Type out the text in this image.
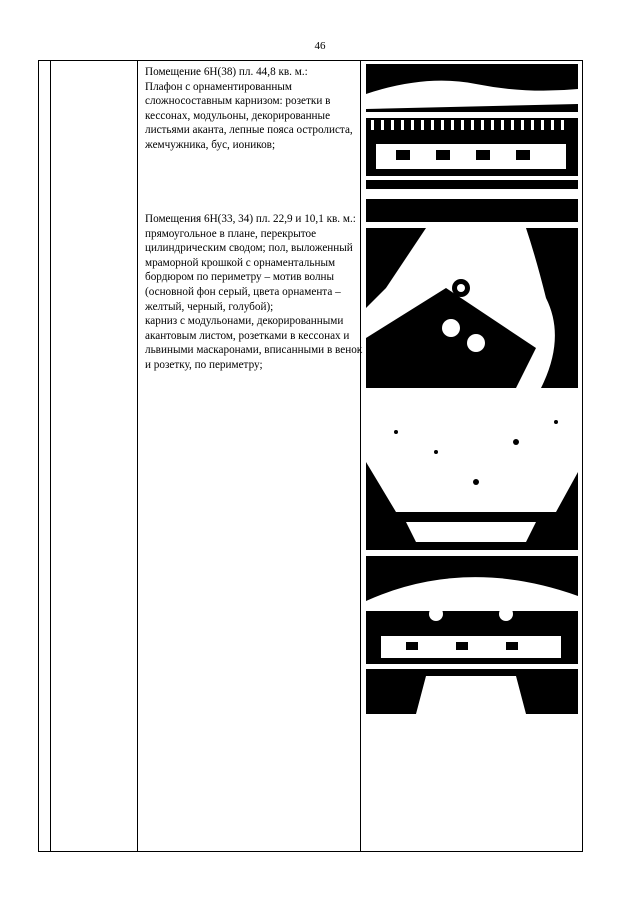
46
Помещение 6Н(38) пл. 44,8 кв. м.:
Плафон с орнаментированным сложносоставным карнизом: розетки в кессонах, модульоны, декорированные листьями аканта, лепные пояса остролиста, жемчужника, бус, иоников;
Помещения 6Н(33, 34) пл. 22,9 и 10,1 кв. м.: прямоугольное в плане, перекрытое цилиндрическим сводом; пол, выложенный мраморной крошкой с орнаментальным бордюром по периметру – мотив волны (основной фон серый, цвета орнамента – желтый, черный, голубой);
карниз с модульонами, декорированными акантовым листом, розетками в кессонах и львиными маскаронами, вписанными в венок и розетку, по периметру;
